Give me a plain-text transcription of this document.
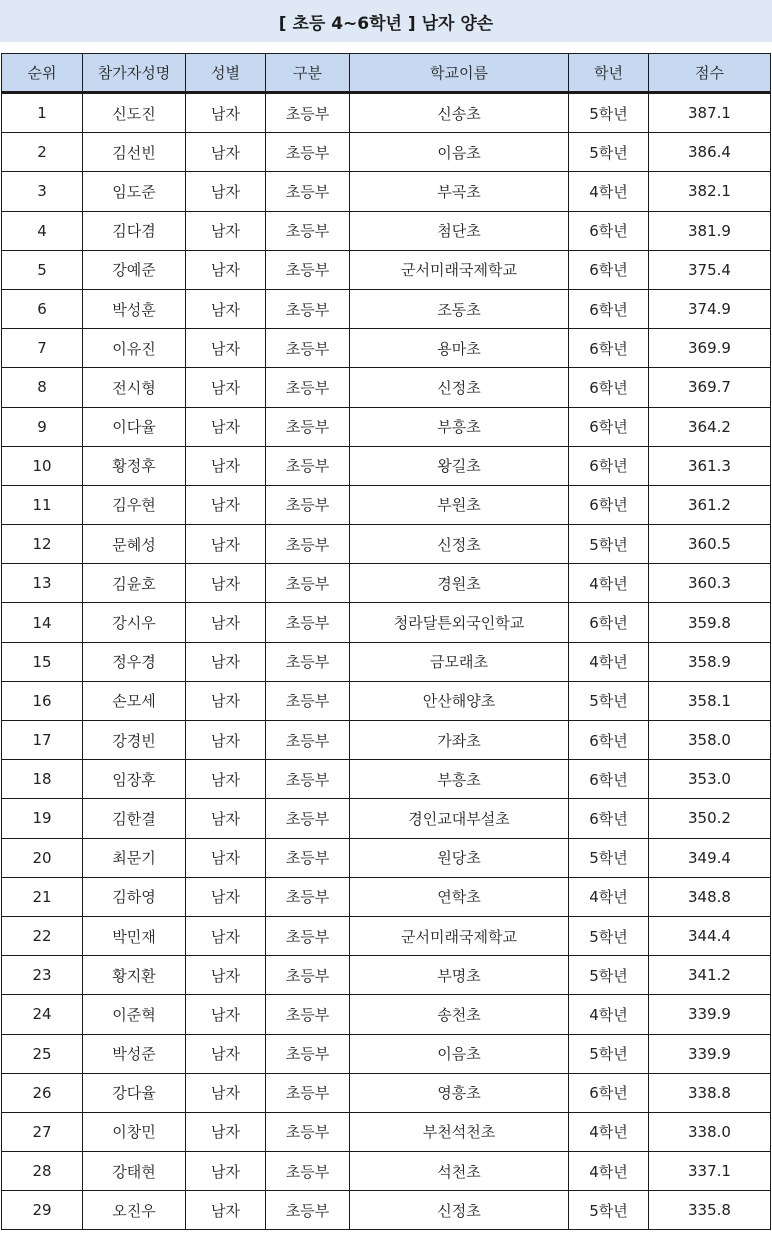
[ 초등 4~6학년 ] 남자 양손
순위	참가자성명	성별	구분	학교이름	학년	점수
1	신도진	남자	초등부	신송초	5학년	387.1
2	김선빈	남자	초등부	이음초	5학년	386.4
3	임도준	남자	초등부	부곡초	4학년	382.1
4	김다겸	남자	초등부	첨단초	6학년	381.9
5	강예준	남자	초등부	군서미래국제학교	6학년	375.4
6	박성훈	남자	초등부	조동초	6학년	374.9
7	이유진	남자	초등부	용마초	6학년	369.9
8	전시형	남자	초등부	신정초	6학년	369.7
9	이다율	남자	초등부	부흥초	6학년	364.2
10	황정후	남자	초등부	왕길초	6학년	361.3
11	김우현	남자	초등부	부원초	6학년	361.2
12	문혜성	남자	초등부	신정초	5학년	360.5
13	김윤호	남자	초등부	경원초	4학년	360.3
14	강시우	남자	초등부	청라달튼외국인학교	6학년	359.8
15	정우경	남자	초등부	금모래초	4학년	358.9
16	손모세	남자	초등부	안산해양초	5학년	358.1
17	강경빈	남자	초등부	가좌초	6학년	358.0
18	임장후	남자	초등부	부흥초	6학년	353.0
19	김한결	남자	초등부	경인교대부설초	6학년	350.2
20	최문기	남자	초등부	원당초	5학년	349.4
21	김하영	남자	초등부	연학초	4학년	348.8
22	박민재	남자	초등부	군서미래국제학교	5학년	344.4
23	황지환	남자	초등부	부명초	5학년	341.2
24	이준혁	남자	초등부	송천초	4학년	339.9
25	박성준	남자	초등부	이음초	5학년	339.9
26	강다율	남자	초등부	영흥초	6학년	338.8
27	이창민	남자	초등부	부천석천초	4학년	338.0
28	강태현	남자	초등부	석천초	4학년	337.1
29	오진우	남자	초등부	신정초	5학년	335.8
